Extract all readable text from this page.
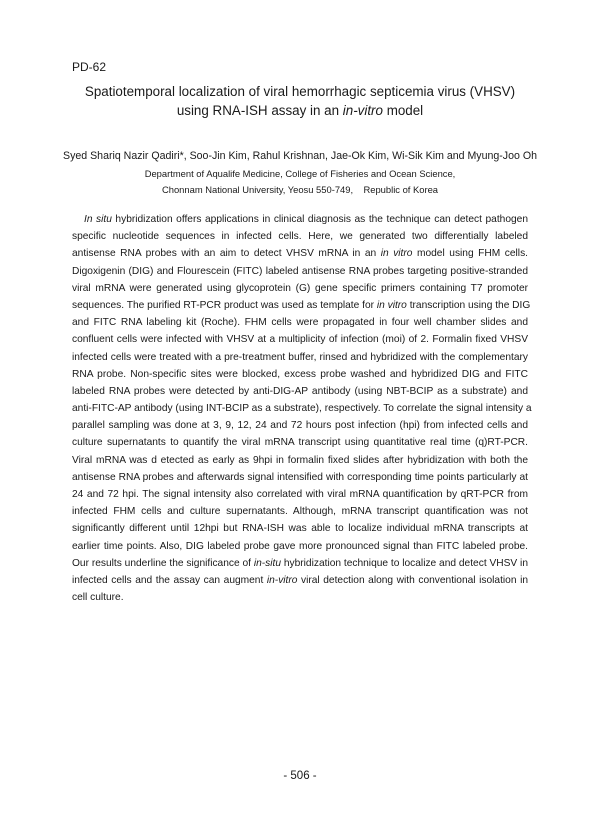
PD-62
Spatiotemporal localization of viral hemorrhagic septicemia virus (VHSV)
using RNA-ISH assay in an in-vitro model
Syed Shariq Nazir Qadiri*, Soo-Jin Kim, Rahul Krishnan, Jae-Ok Kim, Wi-Sik Kim and Myung-Joo Oh
Department of Aqualife Medicine, College of Fisheries and Ocean Science,
Chonnam National University, Yeosu 550-749,    Republic of Korea
In situ hybridization offers applications in clinical diagnosis as the technique can detect pathogen
specific nucleotide sequences in infected cells. Here, we generated two differentially labeled
antisense RNA probes with an aim to detect VHSV mRNA in an in vitro model using FHM cells.
Digoxigenin (DIG) and Flourescein (FITC) labeled antisense RNA probes targeting positive-stranded
viral mRNA were generated using glycoprotein (G) gene specific primers containing T7 promoter
sequences. The purified RT-PCR product was used as template for in vitro transcription using the DIG
and FITC RNA labeling kit (Roche). FHM cells were propagated in four well chamber slides and
confluent cells were infected with VHSV at a multiplicity of infection (moi) of 2. Formalin fixed VHSV
infected cells were treated with a pre-treatment buffer, rinsed and hybridized with the complementary
RNA probe. Non-specific sites were blocked, excess probe washed and hybridized DIG and FITC
labeled RNA probes were detected by anti-DIG-AP antibody (using NBT-BCIP as a substrate) and
anti-FITC-AP antibody (using INT-BCIP as a substrate), respectively. To correlate the signal intensity a
parallel sampling was done at 3, 9, 12, 24 and 72 hours post infection (hpi) from infected cells and
culture supernatants to quantify the viral mRNA transcript using quantitative real time (q)RT-PCR.
Viral mRNA was d etected as early as 9hpi in formalin fixed slides after hybridization with both the
antisense RNA probes and afterwards signal intensified with corresponding time points particularly at
24 and 72 hpi. The signal intensity also correlated with viral mRNA quantification by qRT-PCR from
infected FHM cells and culture supernatants. Although, mRNA transcript quantification was not
significantly different until 12hpi but RNA-ISH was able to localize individual mRNA transcripts at
earlier time points. Also, DIG labeled probe gave more pronounced signal than FITC labeled probe.
Our results underline the significance of in-situ hybridization technique to localize and detect VHSV in
infected cells and the assay can augment in-vitro viral detection along with conventional isolation in
cell culture.
- 506 -
